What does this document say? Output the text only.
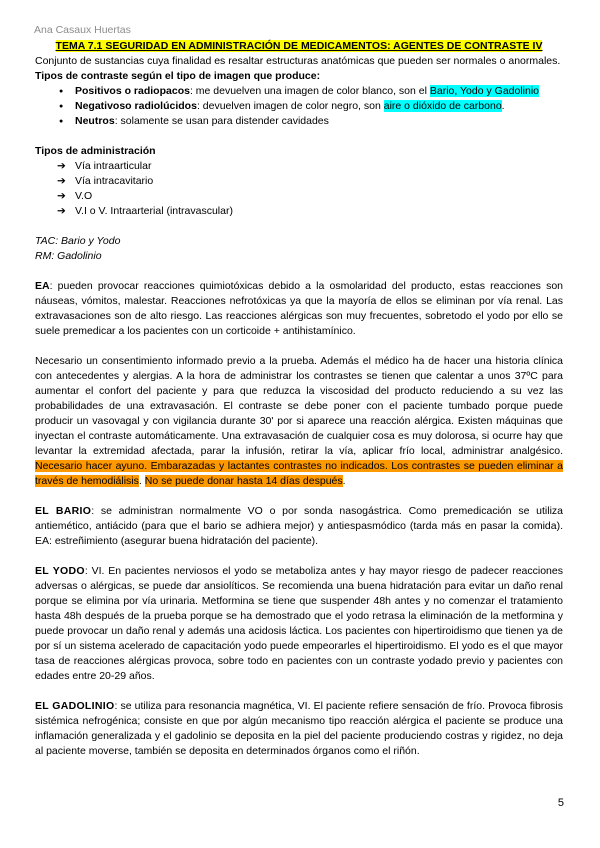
Ana Casaux Huertas
TEMA 7.1 SEGURIDAD EN ADMINISTRACIÓN DE MEDICAMENTOS: AGENTES DE CONTRASTE IV

Conjunto de sustancias cuya finalidad es resaltar estructuras anatómicas que pueden ser normales o anormales.

Tipos de contraste según el tipo de imagen que produce:

● Positivos o radiopacos: me devuelven una imagen de color blanco, son el Bario, Yodo y Gadolinio
● Negativoso radiolúcidos: devuelven imagen de color negro, son aire o dióxido de carbono.
● Neutros: solamente se usan para distender cavidades

Tipos de administración

➔ Vía intraarticular
➔ Vía intracavitario
➔ V.O
➔ V.I o V. Intraarterial (intravascular)

TAC: Bario y Yodo

RM: Gadolinio

EA: pueden provocar reacciones quimiotóxicas debido a la osmolaridad del producto, estas reacciones son náuseas, vómitos, malestar. Reacciones nefrotóxicas ya que la mayoría de ellos se eliminan por vía renal. Las extravasaciones son de alto riesgo. Las reacciones alérgicas son muy frecuentes, sobretodo el yodo por ello se suele premedicar a los pacientes con un corticoide + antihistamínico.

Necesario un consentimiento informado previo a la prueba. Además el médico ha de hacer una historia clínica con antecedentes y alergias. A la hora de administrar los contrastes se tienen que calentar a unos 37ºC para aumentar el confort del paciente y para que reduzca la viscosidad del producto reduciendo a su vez las probabilidades de una extravasación. El contraste se debe poner con el paciente tumbado porque puede producir un vasovagal y con vigilancia durante 30' por si aparece una reacción alérgica. Existen máquinas que inyectan el contraste automáticamente. Una extravasación de cualquier cosa es muy dolorosa, si ocurre hay que levantar la extremidad afectada, parar la infusión, retirar la vía, aplicar frío local, administrar analgésico. Necesario hacer ayuno. Embarazadas y lactantes contrastes no indicados. Los contrastes se pueden eliminar a través de hemodiálisis. No se puede donar hasta 14 días después.

EL BARIO: se administran normalmente VO o por sonda nasogástrica. Como premedicación se utiliza antiemético, antiácido (para que el bario se adhiera mejor) y antiespasmódico (tarda más en pasar la comida). EA: estreñimiento (asegurar buena hidratación del paciente).

EL YODO: VI. En pacientes nerviosos el yodo se metaboliza antes y hay mayor riesgo de padecer reacciones adversas o alérgicas, se puede dar ansiolíticos. Se recomienda una buena hidratación para evitar un daño renal porque se elimina por vía urinaria. Metformina se tiene que suspender 48h antes y no comenzar el tratamiento hasta 48h después de la prueba porque se ha demostrado que el yodo retrasa la eliminación de la metformina y puede provocar un daño renal y además una acidosis láctica. Los pacientes con hipertiroidismo que tienen ya de por sí un sistema acelerado de capacitación yodo puede empeorarles el hipertiroidismo. El yodo es el que mayor tasa de reacciones alérgicas provoca, sobre todo en pacientes con un contraste yodado previo y pacientes con edades entre 20-29 años.

EL GADOLINIO: se utiliza para resonancia magnética, VI. El paciente refiere sensación de frío. Provoca fibrosis sistémica nefrogénica; consiste en que por algún mecanismo tipo reacción alérgica el paciente se produce una inflamación generalizada y el gadolinio se deposita en la piel del paciente produciendo costras y rigidez, no deja al paciente moverse, también se deposita en determinados órganos como el riñón.

5
